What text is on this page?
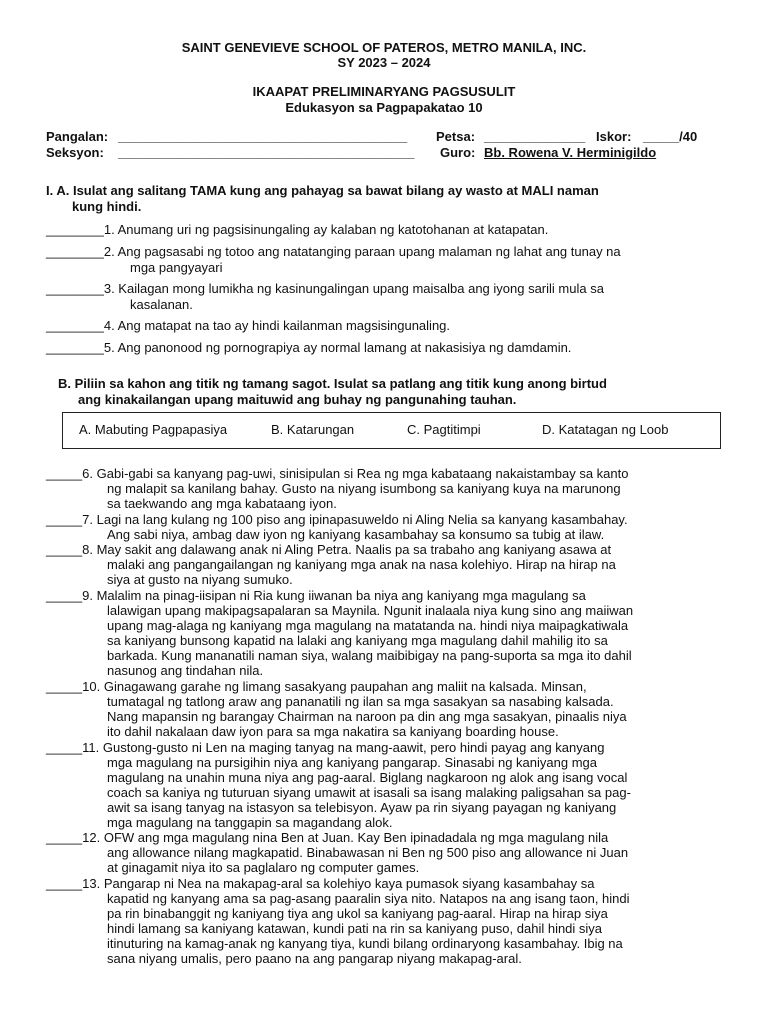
SAINT GENEVIEVE SCHOOL OF PATEROS, METRO MANILA, INC.
SY 2023 – 2024
IKAAPAT PRELIMINARYANG PAGSUSULIT
Edukasyon sa Pagpapakatao 10
Pangalan: ________________________________________ Petsa: ______________ Iskor: _____/40
Seksyon: _________________________________________ Guro: Bb. Rowena V. Herminigildo
I. A. Isulat ang salitang TAMA kung ang pahayag sa bawat bilang ay wasto at MALI naman
kung hindi.
________1. Anumang uri ng pagsisinungaling ay kalaban ng katotohanan at katapatan.
________2. Ang pagsasabi ng totoo ang natatanging paraan upang malaman ng lahat ang tunay na
mga pangyayari
________3. Kailagan mong lumikha ng kasinungalingan upang maisalba ang iyong sarili mula sa
kasalanan.
________4. Ang matapat na tao ay hindi kailanman magsisingunaling.
________5. Ang panonood ng pornograpiya ay normal lamang at nakasisiya ng damdamin.
B. Piliin sa kahon ang titik ng tamang sagot. Isulat sa patlang ang titik kung anong birtud
ang kinakailangan upang maituwid ang buhay ng pangunahing tauhan.
A. Mabuting Pagpapasiya	B. Katarungan	C. Pagtitimpi	D. Katatagan ng Loob
_____6. Gabi-gabi sa kanyang pag-uwi, sinisipulan si Rea ng mga kabataang nakaistambay sa kanto
ng malapit sa kanilang bahay. Gusto na niyang isumbong sa kaniyang kuya na marunong
sa taekwando ang mga kabataang iyon.
_____7. Lagi na lang kulang ng 100 piso ang ipinapasuweldo ni Aling Nelia sa kanyang kasambahay.
Ang sabi niya, ambag daw iyon ng kaniyang kasambahay sa konsumo sa tubig at ilaw.
_____8. May sakit ang dalawang anak ni Aling Petra. Naalis pa sa trabaho ang kaniyang asawa at
malaki ang pangangailangan ng kaniyang mga anak na nasa kolehiyo. Hirap na hirap na
siya at gusto na niyang sumuko.
_____9. Malalim na pinag-iisipan ni Ria kung iiwanan ba niya ang kaniyang mga magulang sa
lalawigan upang makipagsapalaran sa Maynila. Ngunit inalaala niya kung sino ang maiiwan
upang mag-alaga ng kaniyang mga magulang na matatanda na. hindi niya maipagkatiwala
sa kaniyang bunsong kapatid na lalaki ang kaniyang mga magulang dahil mahilig ito sa
barkada. Kung mananatili naman siya, walang maibibigay na pang-suporta sa mga ito dahil
nasunog ang tindahan nila.
_____10. Ginagawang garahe ng limang sasakyang paupahan ang maliit na kalsada. Minsan,
tumatagal ng tatlong araw ang pananatili ng ilan sa mga sasakyan sa nasabing kalsada.
Nang mapansin ng barangay Chairman na naroon pa din ang mga sasakyan, pinaalis niya
ito dahil nakalaan daw iyon para sa mga nakatira sa kaniyang boarding house.
_____11. Gustong-gusto ni Len na maging tanyag na mang-aawit, pero hindi payag ang kanyang
mga magulang na pursigihin niya ang kaniyang pangarap. Sinasabi ng kaniyang mga
magulang na unahin muna niya ang pag-aaral. Biglang nagkaroon ng alok ang isang vocal
coach sa kaniya ng tuturuan siyang umawit at isasali sa isang malaking paligsahan sa pag-
awit sa isang tanyag na istasyon sa telebisyon. Ayaw pa rin siyang payagan ng kaniyang
mga magulang na tanggapin sa magandang alok.
_____12. OFW ang mga magulang nina Ben at Juan. Kay Ben ipinadadala ng mga magulang nila
ang allowance nilang magkapatid. Binabawasan ni Ben ng 500 piso ang allowance ni Juan
at ginagamit niya ito sa paglalaro ng computer games.
_____13. Pangarap ni Nea na makapag-aral sa kolehiyo kaya pumasok siyang kasambahay sa
kapatid ng kanyang ama sa pag-asang paaralin siya nito. Natapos na ang isang taon, hindi
pa rin binabanggit ng kaniyang tiya ang ukol sa kaniyang pag-aaral. Hirap na hirap siya
hindi lamang sa kaniyang katawan, kundi pati na rin sa kaniyang puso, dahil hindi siya
itinuturing na kamag-anak ng kanyang tiya, kundi bilang ordinaryong kasambahay. Ibig na
sana niyang umalis, pero paano na ang pangarap niyang makapag-aral.
